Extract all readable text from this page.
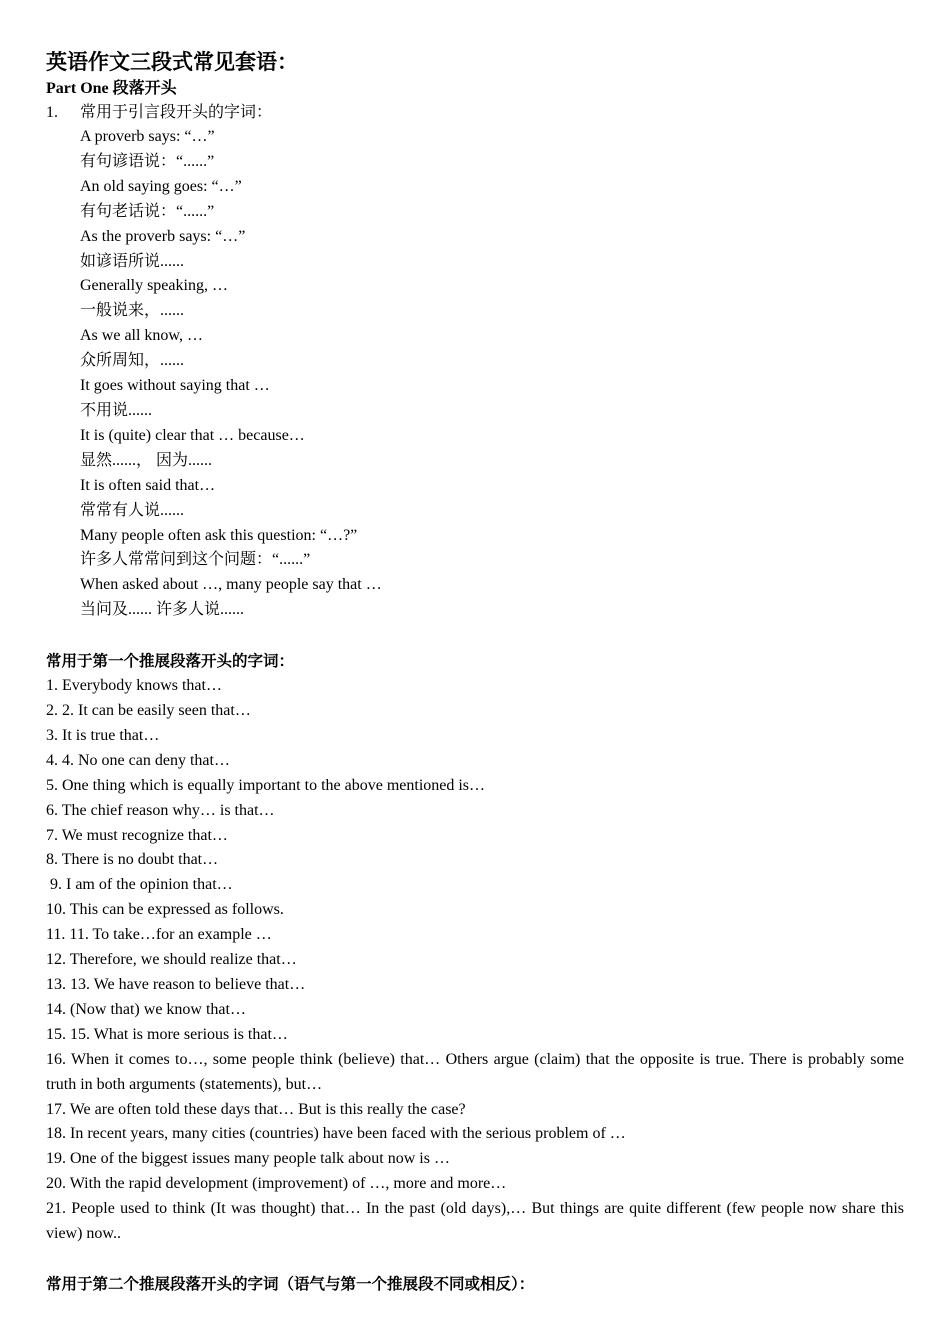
英语作文三段式常见套语：
Part One 段落开头
1.	常用于引言段开头的字词：
A proverb says: “…”
有句谚语说：“......”
An old saying goes: “…”
有句老话说：“......”
As the proverb says: “…”
如谚语所说......
Generally speaking, …
一般说来，......
As we all know, …
众所周知，......
It goes without saying that …
不用说......
It is (quite) clear that … because…
显然......， 因为......
It is often said that…
常常有人说......
Many people often ask this question: “…?”
许多人常常问到这个问题：“......”
When asked about …, many people say that …
当问及...... 许多人说......
常用于第一个推展段落开头的字词：
1. Everybody knows that…
2. 2. It can be easily seen that…
3. It is true that…
4. 4. No one can deny that…
5. One thing which is equally important to the above mentioned is…
6. The chief reason why… is that…
7. We must recognize that…
8. There is no doubt that…
9. I am of the opinion that…
10. This can be expressed as follows.
11. 11. To take…for an example …
12. Therefore, we should realize that…
13. 13. We have reason to believe that…
14. (Now that) we know that…
15. 15. What is more serious is that…
16. When it comes to…, some people think (believe) that… Others argue (claim) that the opposite is true. There is probably some truth in both arguments (statements), but…
17. We are often told these days that… But is this really the case?
18. In recent years, many cities (countries) have been faced with the serious problem of …
19. One of the biggest issues many people talk about now is …
20. With the rapid development (improvement) of …, more and more…
21. People used to think (It was thought) that… In the past (old days),… But things are quite different (few people now share this view) now..
常用于第二个推展段落开头的字词（语气与第一个推展段不同或相反）：
